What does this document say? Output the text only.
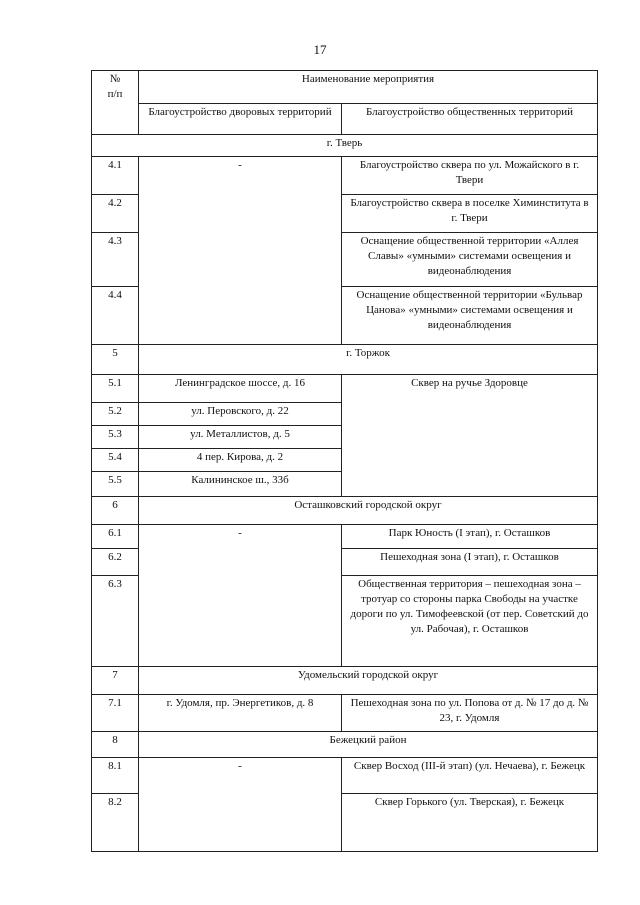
17
№
п/п	Наименование мероприятия	
	Благоустройство дворовых территорий	Благоустройство общественных территорий
г. Тверь		
4.1	-	Благоустройство сквера по ул. Можайского в г. Твери
4.2		Благоустройство сквера в поселке Химинститута в г. Твери
4.3		Оснащение общественной территории «Аллея Славы» «умными» системами освещения и видеонаблюдения
4.4		Оснащение общественной территории «Бульвар Цанова» «умными» системами освещения и видеонаблюдения
5	г. Торжок	
5.1	Ленинградское шоссе, д. 16	Сквер на ручье Здоровце
5.2	ул. Перовского, д. 22	
5.3	ул. Металлистов, д. 5	
5.4	4 пер. Кирова, д. 2	
5.5	Калининское ш., 33б	
6	Осташковский городской округ	
6.1	-	Парк Юность (I этап), г. Осташков
6.2		Пешеходная зона (I этап), г. Осташков
6.3		Общественная территория – пешеходная зона – тротуар со стороны парка Свободы на участке дороги по ул. Тимофеевской (от пер. Советский до ул. Рабочая), г. Осташков
7	Удомельский городской округ	
7.1	г. Удомля, пр. Энергетиков, д. 8	Пешеходная зона по ул. Попова от д. № 17 до д. № 23, г. Удомля
8	Бежецкий район	
8.1	-	Сквер Восход (III-й этап) (ул. Нечаева), г. Бежецк
8.2		Сквер Горького (ул. Тверская), г. Бежецк
